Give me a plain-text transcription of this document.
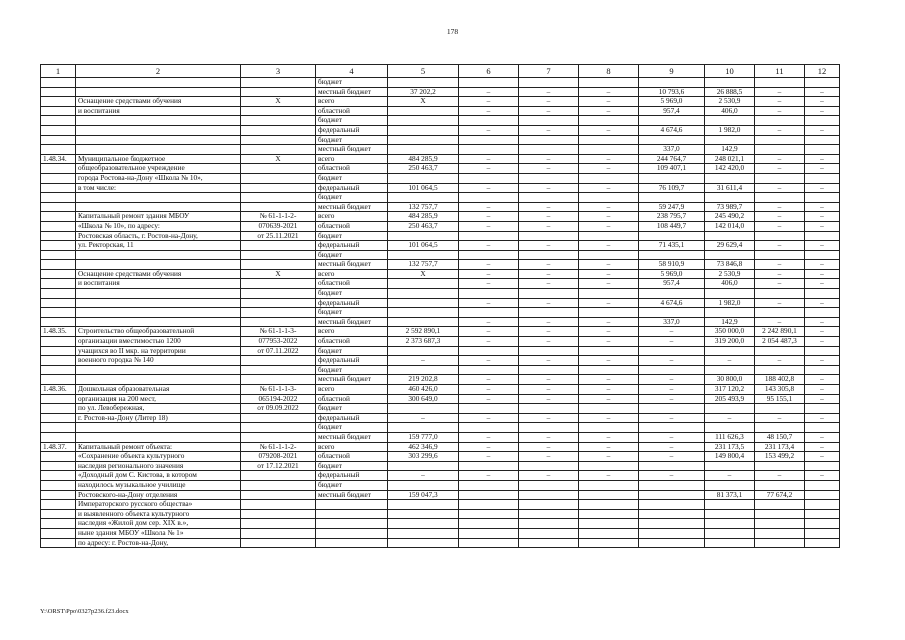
178
1	2	3	4	5	6	7	8	9	10	11	12
			бюджет								
			местный бюджет	37 202,2	–	–	–	10 793,6	26 888,5	–	–
	Оснащение средствами обучения	Х	всего	Х	–	–	–	5 969,0	2 530,9	–	–
	и воспитания		областной		–	–	–	957,4	406,0	–	–
			бюджет								
			федеральный		–	–	–	4 674,6	1 982,0	–	–
			бюджет								
			местный бюджет					337,0	142,9		
1.48.34.	Муниципальное бюджетное	Х	всего	484 285,9	–	–	–	244 764,7	248 021,1	–	–
	общеобразовательное учреждение		областной	250 463,7	–	–	–	109 407,1	142 420,0	–	–
	города Ростова-на-Дону «Школа № 10»,		бюджет								
	в том числе:		федеральный	101 064,5	–	–	–	76 109,7	31 611,4	–	–
			бюджет								
			местный бюджет	132 757,7	–	–	–	59 247,9	73 989,7	–	–
	Капитальный ремонт здания МБОУ	№ 61-1-1-2-	всего	484 285,9	–	–	–	238 795,7	245 490,2	–	–
	«Школа № 10», по адресу:	070639-2021	областной	250 463,7	–	–	–	108 449,7	142 014,0	–	–
	Ростовская область, г. Ростов-на-Дону,	от 25.11.2021	бюджет								
	ул. Ректорская, 11		федеральный	101 064,5	–	–	–	71 435,1	29 629,4	–	–
			бюджет								
			местный бюджет	132 757,7	–	–	–	58 910,9	73 846,8	–	–
	Оснащение средствами обучения	Х	всего	Х	–	–	–	5 969,0	2 530,9	–	–
	и воспитания		областной		–	–	–	957,4	406,0	–	–
			бюджет								
			федеральный		–	–	–	4 674,6	1 982,0	–	–
			бюджет								
			местный бюджет		–	–	–	337,0	142,9	–	–
1.48.35.	Строительство общеобразовательной	№ 61-1-1-3-	всего	2 592 890,1	–	–	–	–	350 000,0	2 242 890,1	–
	организации вместимостью 1200	077953-2022	областной	2 373 687,3	–	–	–	–	319 200,0	2 054 487,3	–
	учащихся во II мкр. на территории	от 07.11.2022	бюджет								
	военного городка № 140		федеральный	–	–	–	–	–	–	–	–
			бюджет								
			местный бюджет	219 202,8	–	–	–	–	30 800,0	188 402,8	–
1.48.36.	Дошкольная образовательная	№ 61-1-1-3-	всего	460 426,0	–	–	–	–	317 120,2	143 305,8	–
	организация на 200 мест,	065194-2022	областной	300 649,0	–	–	–	–	205 493,9	95 155,1	–
	по ул. Левобережная,	от 09.09.2022	бюджет								
	г. Ростов-на-Дону (Литер 18)		федеральный	–	–	–	–	–	–	–	–
			бюджет								
			местный бюджет	159 777,0	–	–	–	–	111 626,3	48 150,7	–
1.48.37.	Капитальный ремонт объекта:	№ 61-1-1-2-	всего	462 346,9	–	–	–	–	231 173,5	231 173,4	–
	«Сохранение объекта культурного	079208-2021	областной	303 299,6	–	–	–	–	149 800,4	153 499,2	–
	наследия регионального значения	от 17.12.2021	бюджет								
	«Доходный дом С. Кистова, в котором		федеральный	–	–	–	–	–	–	–	–
	находилось музыкальное училище		бюджет								
	Ростовского-на-Дону отделения		местный бюджет	159 047,3					81 373,1	77 674,2	
	Императорского русского общества»										
	и выявленного объекта культурного										
	наследия «Жилой дом сер. XIX в.»,										
	ныне здания МБОУ «Школа № 1»										
	по адресу: г. Ростов-на-Дону,										
Y:\ORST\Ppo\0327p236.f23.docx
